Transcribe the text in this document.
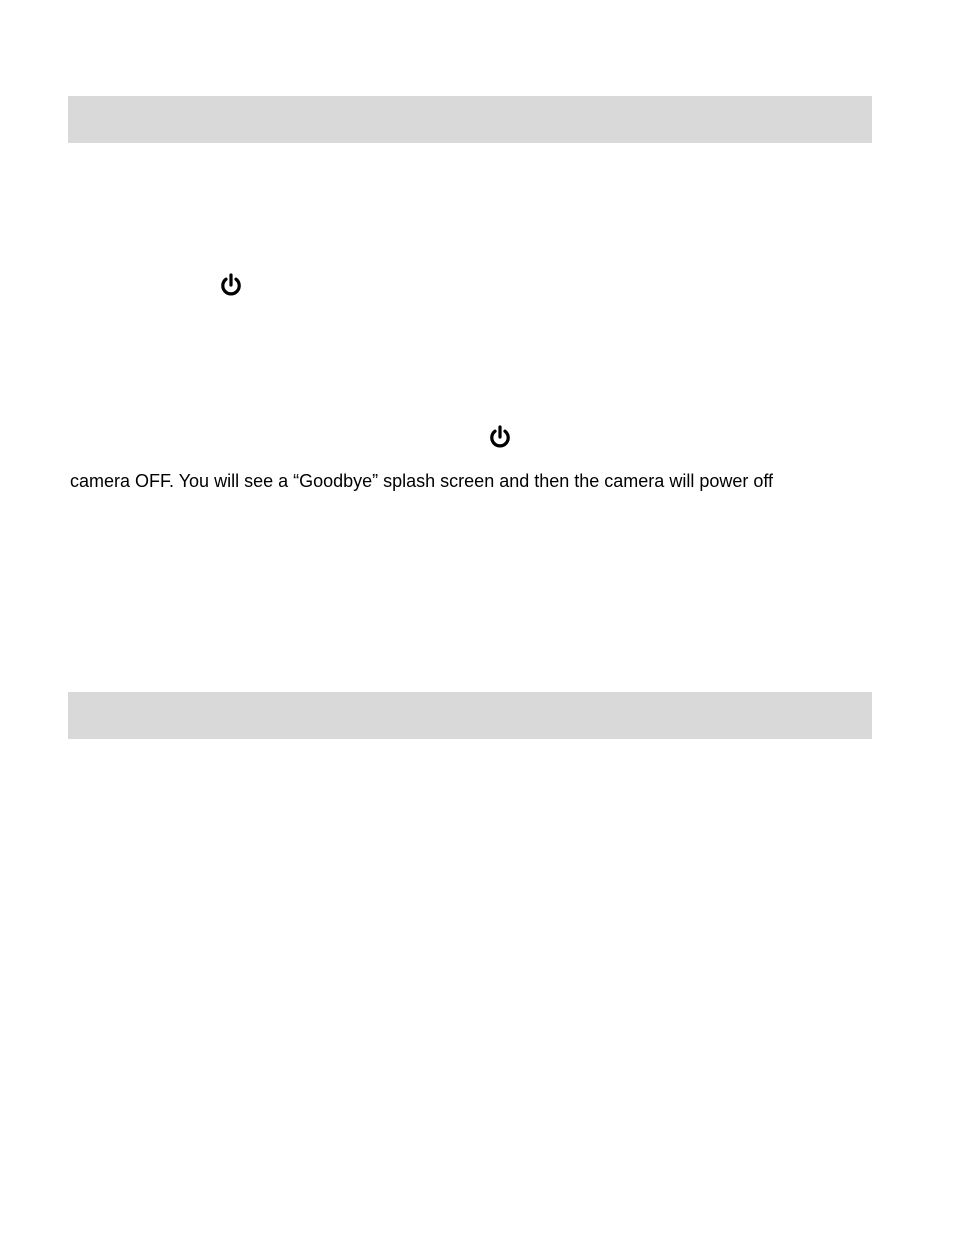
camera OFF. You will see a “Goodbye” splash screen and then the camera will power off
